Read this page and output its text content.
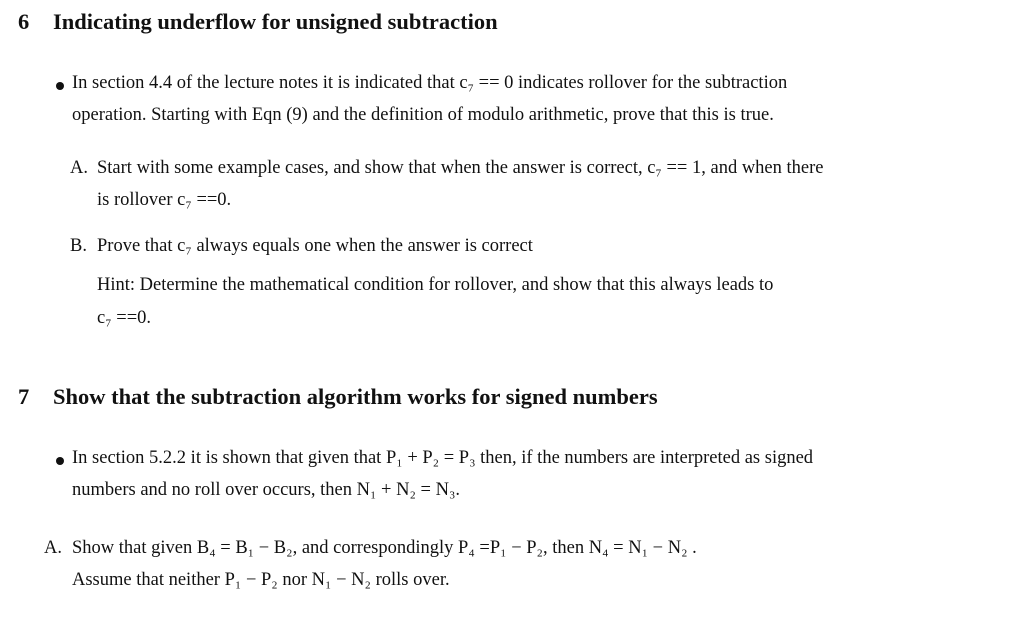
6 Indicating underflow for unsigned subtraction
In section 4.4 of the lecture notes it is indicated that c₇ == 0 indicates rollover for the subtraction
operation. Starting with Eqn (9) and the definition of modulo arithmetic, prove that this is true.
A. Start with some example cases, and show that when the answer is correct, c₇ == 1, and when there
is rollover c₇ ==0.
B. Prove that c₇ always equals one when the answer is correct
Hint: Determine the mathematical condition for rollover, and show that this always leads to
c₇ ==0.
7 Show that the subtraction algorithm works for signed numbers
In section 5.2.2 it is shown that given that P₁ + P₂ = P₃ then, if the numbers are interpreted as signed
numbers and no roll over occurs, then N₁ + N₂ = N₃.
A. Show that given B₄ = B₁ − B₂, and correspondingly P₄ =P₁ − P₂, then N₄ = N₁ − N₂ .
Assume that neither P₁ − P₂ nor N₁ − N₂ rolls over.
